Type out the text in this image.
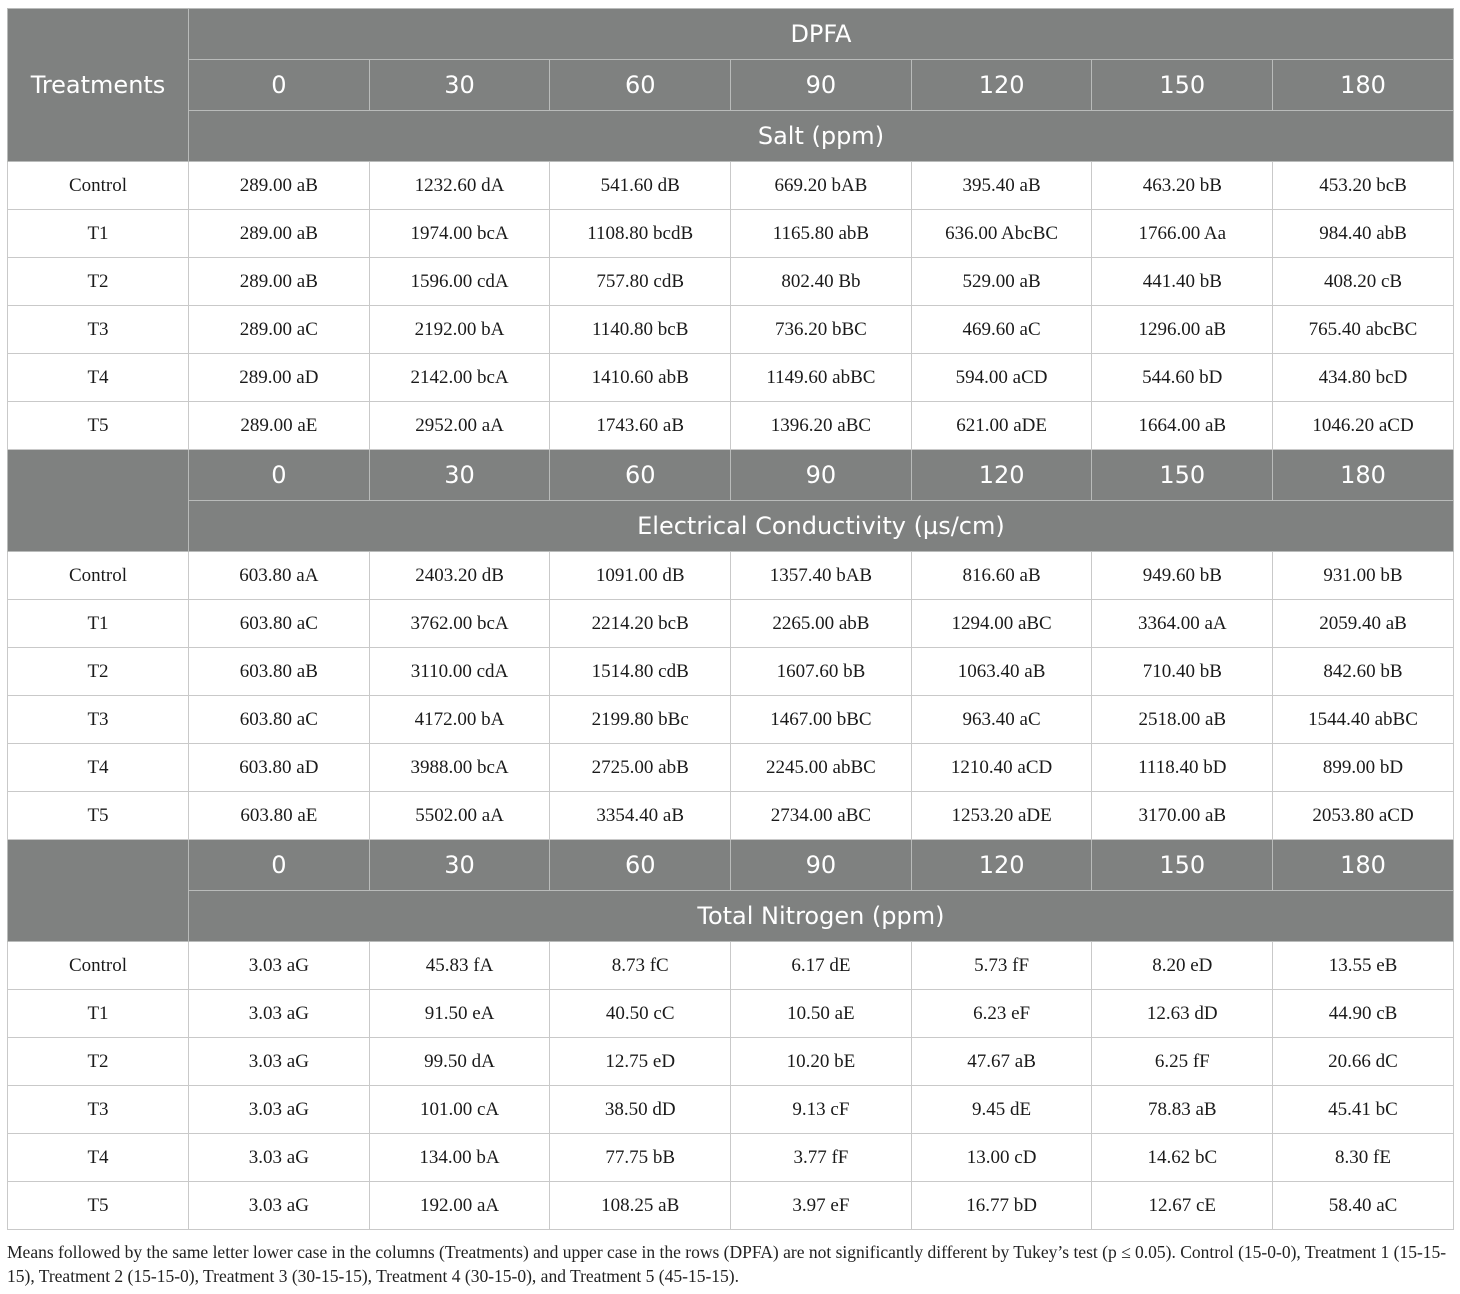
Treatments	DPFA						
	0	30	60	90	120	150	180
	Salt (ppm)						
Control	289.00 aB	1232.60 dA	541.60 dB	669.20 bAB	395.40 aB	463.20 bB	453.20 bcB
T1	289.00 aB	1974.00 bcA	1108.80 bcdB	1165.80 abB	636.00 AbcBC	1766.00 Aa	984.40 abB
T2	289.00 aB	1596.00 cdA	757.80 cdB	802.40 Bb	529.00 aB	441.40 bB	408.20 cB
T3	289.00 aC	2192.00 bA	1140.80 bcB	736.20 bBC	469.60 aC	1296.00 aB	765.40 abcBC
T4	289.00 aD	2142.00 bcA	1410.60 abB	1149.60 abBC	594.00 aCD	544.60 bD	434.80 bcD
T5	289.00 aE	2952.00 aA	1743.60 aB	1396.20 aBC	621.00 aDE	1664.00 aB	1046.20 aCD
	0	30	60	90	120	150	180
	Electrical Conductivity (µs/cm)						
Control	603.80 aA	2403.20 dB	1091.00 dB	1357.40 bAB	816.60 aB	949.60 bB	931.00 bB
T1	603.80 aC	3762.00 bcA	2214.20 bcB	2265.00 abB	1294.00 aBC	3364.00 aA	2059.40 aB
T2	603.80 aB	3110.00 cdA	1514.80 cdB	1607.60 bB	1063.40 aB	710.40 bB	842.60 bB
T3	603.80 aC	4172.00 bA	2199.80 bBc	1467.00 bBC	963.40 aC	2518.00 aB	1544.40 abBC
T4	603.80 aD	3988.00 bcA	2725.00 abB	2245.00 abBC	1210.40 aCD	1118.40 bD	899.00 bD
T5	603.80 aE	5502.00 aA	3354.40 aB	2734.00 aBC	1253.20 aDE	3170.00 aB	2053.80 aCD
	0	30	60	90	120	150	180
	Total Nitrogen (ppm)						
Control	3.03 aG	45.83 fA	8.73 fC	6.17 dE	5.73 fF	8.20 eD	13.55 eB
T1	3.03 aG	91.50 eA	40.50 cC	10.50 aE	6.23 eF	12.63 dD	44.90 cB
T2	3.03 aG	99.50 dA	12.75 eD	10.20 bE	47.67 aB	6.25 fF	20.66 dC
T3	3.03 aG	101.00 cA	38.50 dD	9.13 cF	9.45 dE	78.83 aB	45.41 bC
T4	3.03 aG	134.00 bA	77.75 bB	3.77 fF	13.00 cD	14.62 bC	8.30 fE
T5	3.03 aG	192.00 aA	108.25 aB	3.97 eF	16.77 bD	12.67 cE	58.40 aC
Means followed by the same letter lower case in the columns (Treatments) and upper case in the rows (DPFA) are not significantly different by Tukey’s test (p ≤ 0.05). Control (15-0-0), Treatment 1 (15-15-15), Treatment 2 (15-15-0), Treatment 3 (30-15-15), Treatment 4 (30-15-0), and Treatment 5 (45-15-15).
